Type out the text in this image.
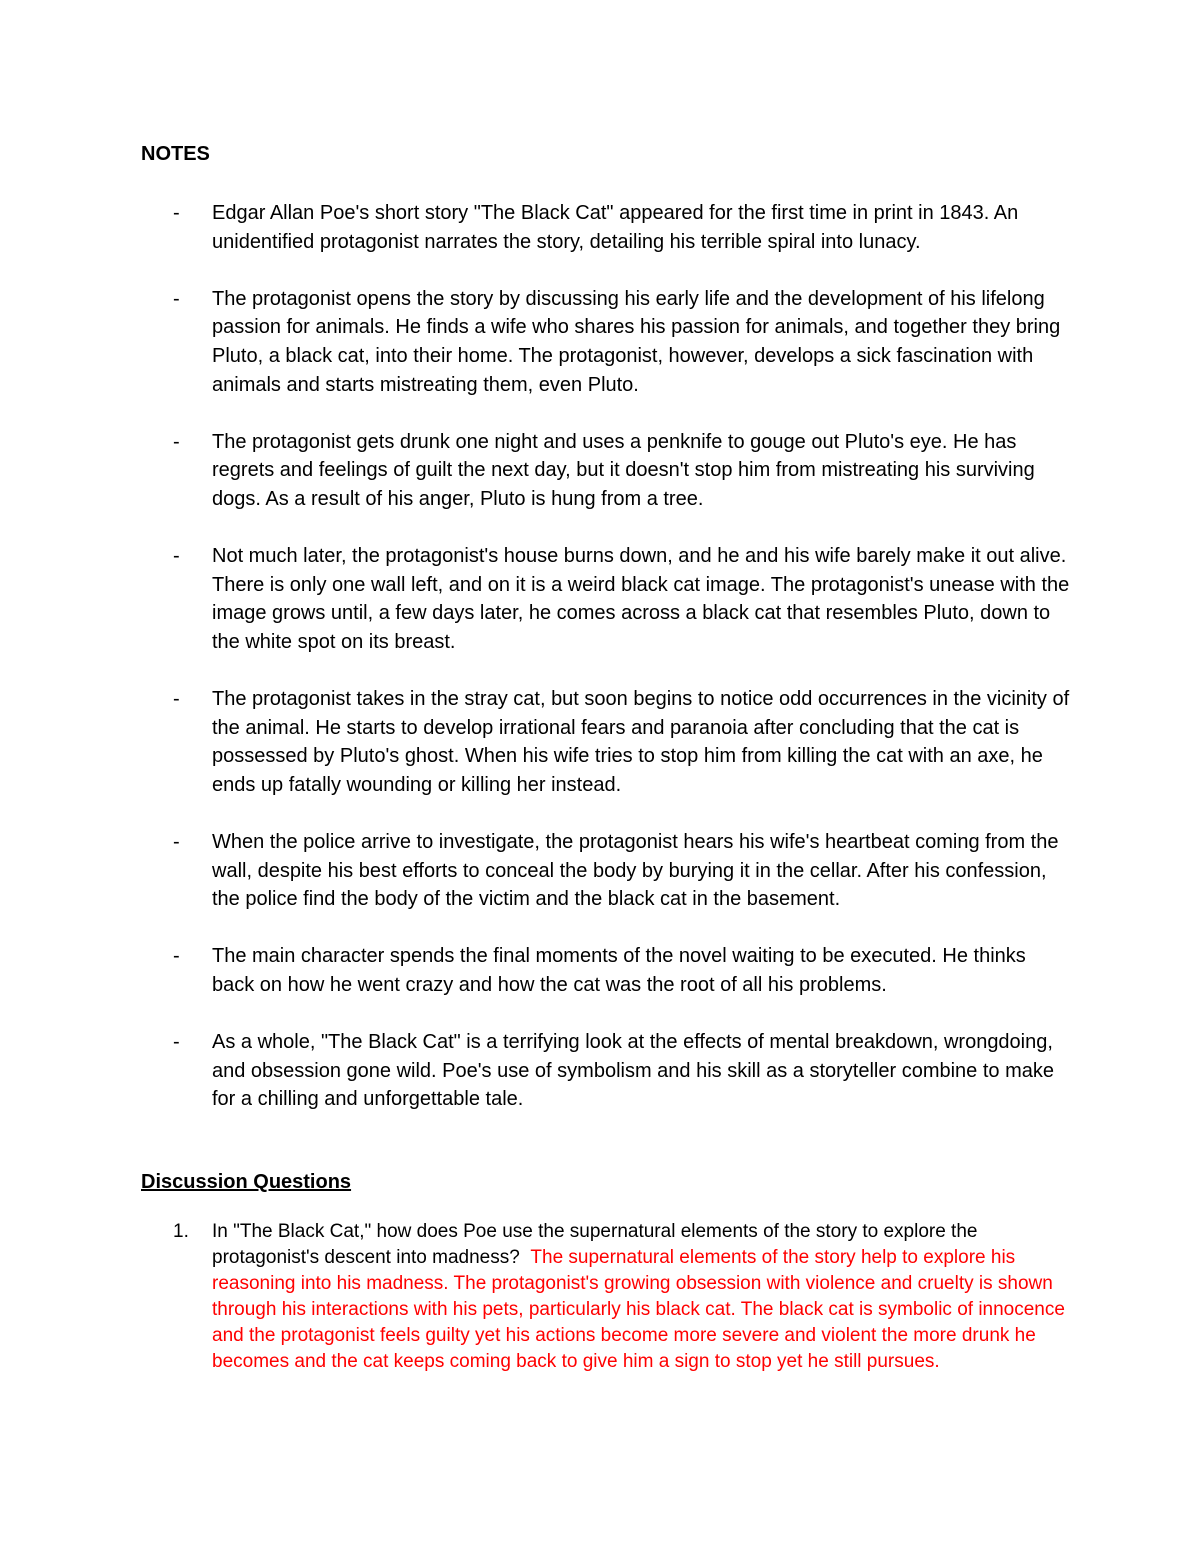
NOTES
- Edgar Allan Poe's short story "The Black Cat" appeared for the first time in print in 1843. An unidentified protagonist narrates the story, detailing his terrible spiral into lunacy.
- The protagonist opens the story by discussing his early life and the development of his lifelong passion for animals. He finds a wife who shares his passion for animals, and together they bring Pluto, a black cat, into their home. The protagonist, however, develops a sick fascination with animals and starts mistreating them, even Pluto.
- The protagonist gets drunk one night and uses a penknife to gouge out Pluto's eye. He has regrets and feelings of guilt the next day, but it doesn't stop him from mistreating his surviving dogs. As a result of his anger, Pluto is hung from a tree.
- Not much later, the protagonist's house burns down, and he and his wife barely make it out alive. There is only one wall left, and on it is a weird black cat image. The protagonist's unease with the image grows until, a few days later, he comes across a black cat that resembles Pluto, down to the white spot on its breast.
- The protagonist takes in the stray cat, but soon begins to notice odd occurrences in the vicinity of the animal. He starts to develop irrational fears and paranoia after concluding that the cat is possessed by Pluto's ghost. When his wife tries to stop him from killing the cat with an axe, he ends up fatally wounding or killing her instead.
- When the police arrive to investigate, the protagonist hears his wife's heartbeat coming from the wall, despite his best efforts to conceal the body by burying it in the cellar. After his confession, the police find the body of the victim and the black cat in the basement.
- The main character spends the final moments of the novel waiting to be executed. He thinks back on how he went crazy and how the cat was the root of all his problems.
- As a whole, "The Black Cat" is a terrifying look at the effects of mental breakdown, wrongdoing, and obsession gone wild. Poe's use of symbolism and his skill as a storyteller combine to make for a chilling and unforgettable tale.
Discussion Questions
1. In "The Black Cat," how does Poe use the supernatural elements of the story to explore the protagonist's descent into madness? The supernatural elements of the story help to explore his reasoning into his madness. The protagonist's growing obsession with violence and cruelty is shown through his interactions with his pets, particularly his black cat. The black cat is symbolic of innocence and the protagonist feels guilty yet his actions become more severe and violent the more drunk he becomes and the cat keeps coming back to give him a sign to stop yet he still pursues.
